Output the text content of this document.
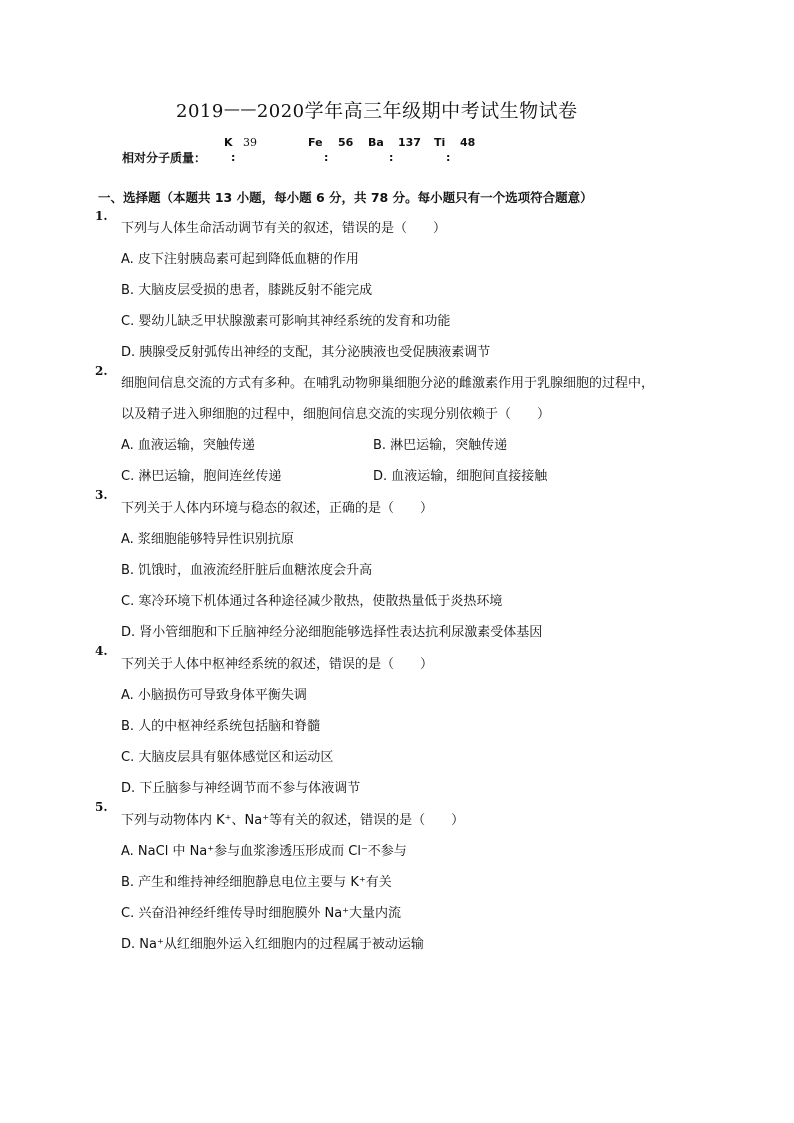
2019——2020学年高三年级期中考试生物试卷
K 39	Fe 56 Ba 137 Ti 48
相对分子质量： :	:	:	:
一、选择题（本题共 13 小题，每小题 6 分，共 78 分。每小题只有一个选项符合题意）
1.
下列与人体生命活动调节有关的叙述，错误的是（　　）
A. 皮下注射胰岛素可起到降低血糖的作用
B. 大脑皮层受损的患者，膝跳反射不能完成
C. 婴幼儿缺乏甲状腺激素可影响其神经系统的发育和功能
D. 胰腺受反射弧传出神经的支配，其分泌胰液也受促胰液素调节
2.
细胞间信息交流的方式有多种。在哺乳动物卵巢细胞分泌的雌激素作用于乳腺细胞的过程中，
以及精子进入卵细胞的过程中，细胞间信息交流的实现分别依赖于（　　）
A. 血液运输，突触传递	B. 淋巴运输，突触传递
C. 淋巴运输，胞间连丝传递	D. 血液运输，细胞间直接接触
3.
下列关于人体内环境与稳态的叙述，正确的是（　　）
A. 浆细胞能够特异性识别抗原
B. 饥饿时，血液流经肝脏后血糖浓度会升高
C. 寒冷环境下机体通过各种途径减少散热，使散热量低于炎热环境
D. 肾小管细胞和下丘脑神经分泌细胞能够选择性表达抗利尿激素受体基因
4.
下列关于人体中枢神经系统的叙述，错误的是（　　）
A. 小脑损伤可导致身体平衡失调
B. 人的中枢神经系统包括脑和脊髓
C. 大脑皮层具有躯体感觉区和运动区
D. 下丘脑参与神经调节而不参与体液调节
5.
下列与动物体内 K⁺、Na⁺等有关的叙述，错误的是（　　）
A. NaCl 中 Na⁺参与血浆渗透压形成而 Cl⁻不参与
B. 产生和维持神经细胞静息电位主要与 K⁺有关
C. 兴奋沿神经纤维传导时细胞膜外 Na⁺大量内流
D. Na⁺从红细胞外运入红细胞内的过程属于被动运输
